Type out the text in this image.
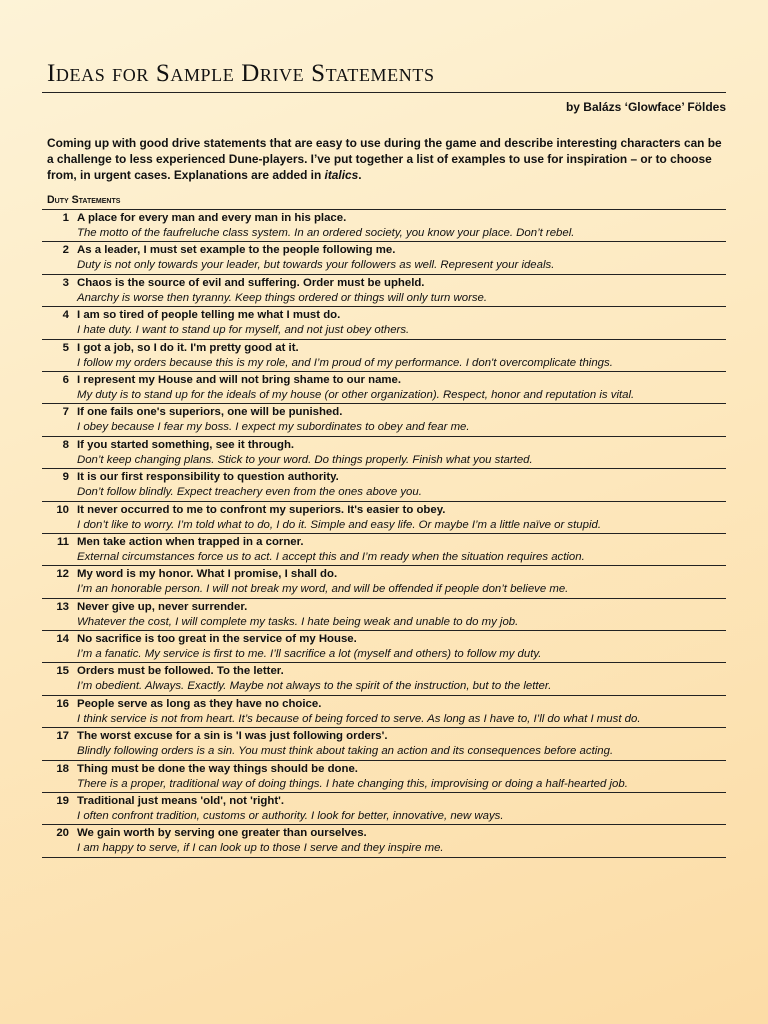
Ideas for Sample Drive Statements
by Balázs ‘Glowface’ Földes
Coming up with good drive statements that are easy to use during the game and describe interesting characters can be a challenge to less experienced Dune-players. I’ve put together a list of examples to use for inspiration – or to choose from, in urgent cases. Explanations are added in italics.
Duty Statements
1 A place for every man and every man in his place.
The motto of the faufreluche class system. In an ordered society, you know your place. Don’t rebel.
2 As a leader, I must set example to the people following me.
Duty is not only towards your leader, but towards your followers as well. Represent your ideals.
3 Chaos is the source of evil and suffering. Order must be upheld.
Anarchy is worse then tyranny. Keep things ordered or things will only turn worse.
4 I am so tired of people telling me what I must do.
I hate duty. I want to stand up for myself, and not just obey others.
5 I got a job, so I do it. I'm pretty good at it.
I follow my orders because this is my role, and I’m proud of my performance. I don't overcomplicate things.
6 I represent my House and will not bring shame to our name.
My duty is to stand up for the ideals of my house (or other organization). Respect, honor and reputation is vital.
7 If one fails one's superiors, one will be punished.
I obey because I fear my boss. I expect my subordinates to obey and fear me.
8 If you started something, see it through.
Don’t keep changing plans. Stick to your word. Do things properly. Finish what you started.
9 It is our first responsibility to question authority.
Don’t follow blindly. Expect treachery even from the ones above you.
10 It never occurred to me to confront my superiors. It's easier to obey.
I don’t like to worry. I’m told what to do, I do it. Simple and easy life. Or maybe I’m a little naïve or stupid.
11 Men take action when trapped in a corner.
External circumstances force us to act. I accept this and I’m ready when the situation requires action.
12 My word is my honor. What I promise, I shall do.
I’m an honorable person. I will not break my word, and will be offended if people don’t believe me.
13 Never give up, never surrender.
Whatever the cost, I will complete my tasks. I hate being weak and unable to do my job.
14 No sacrifice is too great in the service of my House.
I’m a fanatic. My service is first to me. I’ll sacrifice a lot (myself and others) to follow my duty.
15 Orders must be followed. To the letter.
I’m obedient. Always. Exactly. Maybe not always to the spirit of the instruction, but to the letter.
16 People serve as long as they have no choice.
I think service is not from heart. It’s because of being forced to serve. As long as I have to, I’ll do what I must do.
17 The worst excuse for a sin is 'I was just following orders'.
Blindly following orders is a sin. You must think about taking an action and its consequences before acting.
18 Thing must be done the way things should be done.
There is a proper, traditional way of doing things. I hate changing this, improvising or doing a half-hearted job.
19 Traditional just means 'old', not 'right'.
I often confront tradition, customs or authority. I look for better, innovative, new ways.
20 We gain worth by serving one greater than ourselves.
I am happy to serve, if I can look up to those I serve and they inspire me.
